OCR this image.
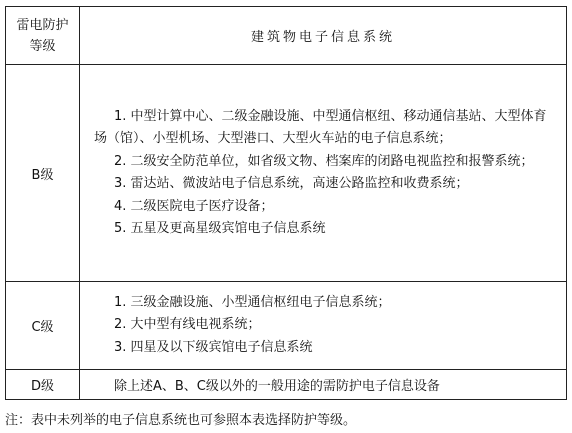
雷电防护
等级	建筑物电子信息系统
B级	1. 中型计算中心、二级金融设施、中型通信枢纽、移动通信基站、大型体育场（馆）、小型机场、大型港口、大型火车站的电子信息系统；
2. 二级安全防范单位，如省级文物、档案库的闭路电视监控和报警系统；
3. 雷达站、微波站电子信息系统，高速公路监控和收费系统；
4. 二级医院电子医疗设备；
5. 五星及更高星级宾馆电子信息系统

C级	1. 三级金融设施、小型通信枢纽电子信息系统；
2. 大中型有线电视系统；
3. 四星及以下级宾馆电子信息系统

D级	除上述A、B、C级以外的一般用途的需防护电子信息设备
注：表中未列举的电子信息系统也可参照本表选择防护等级。
